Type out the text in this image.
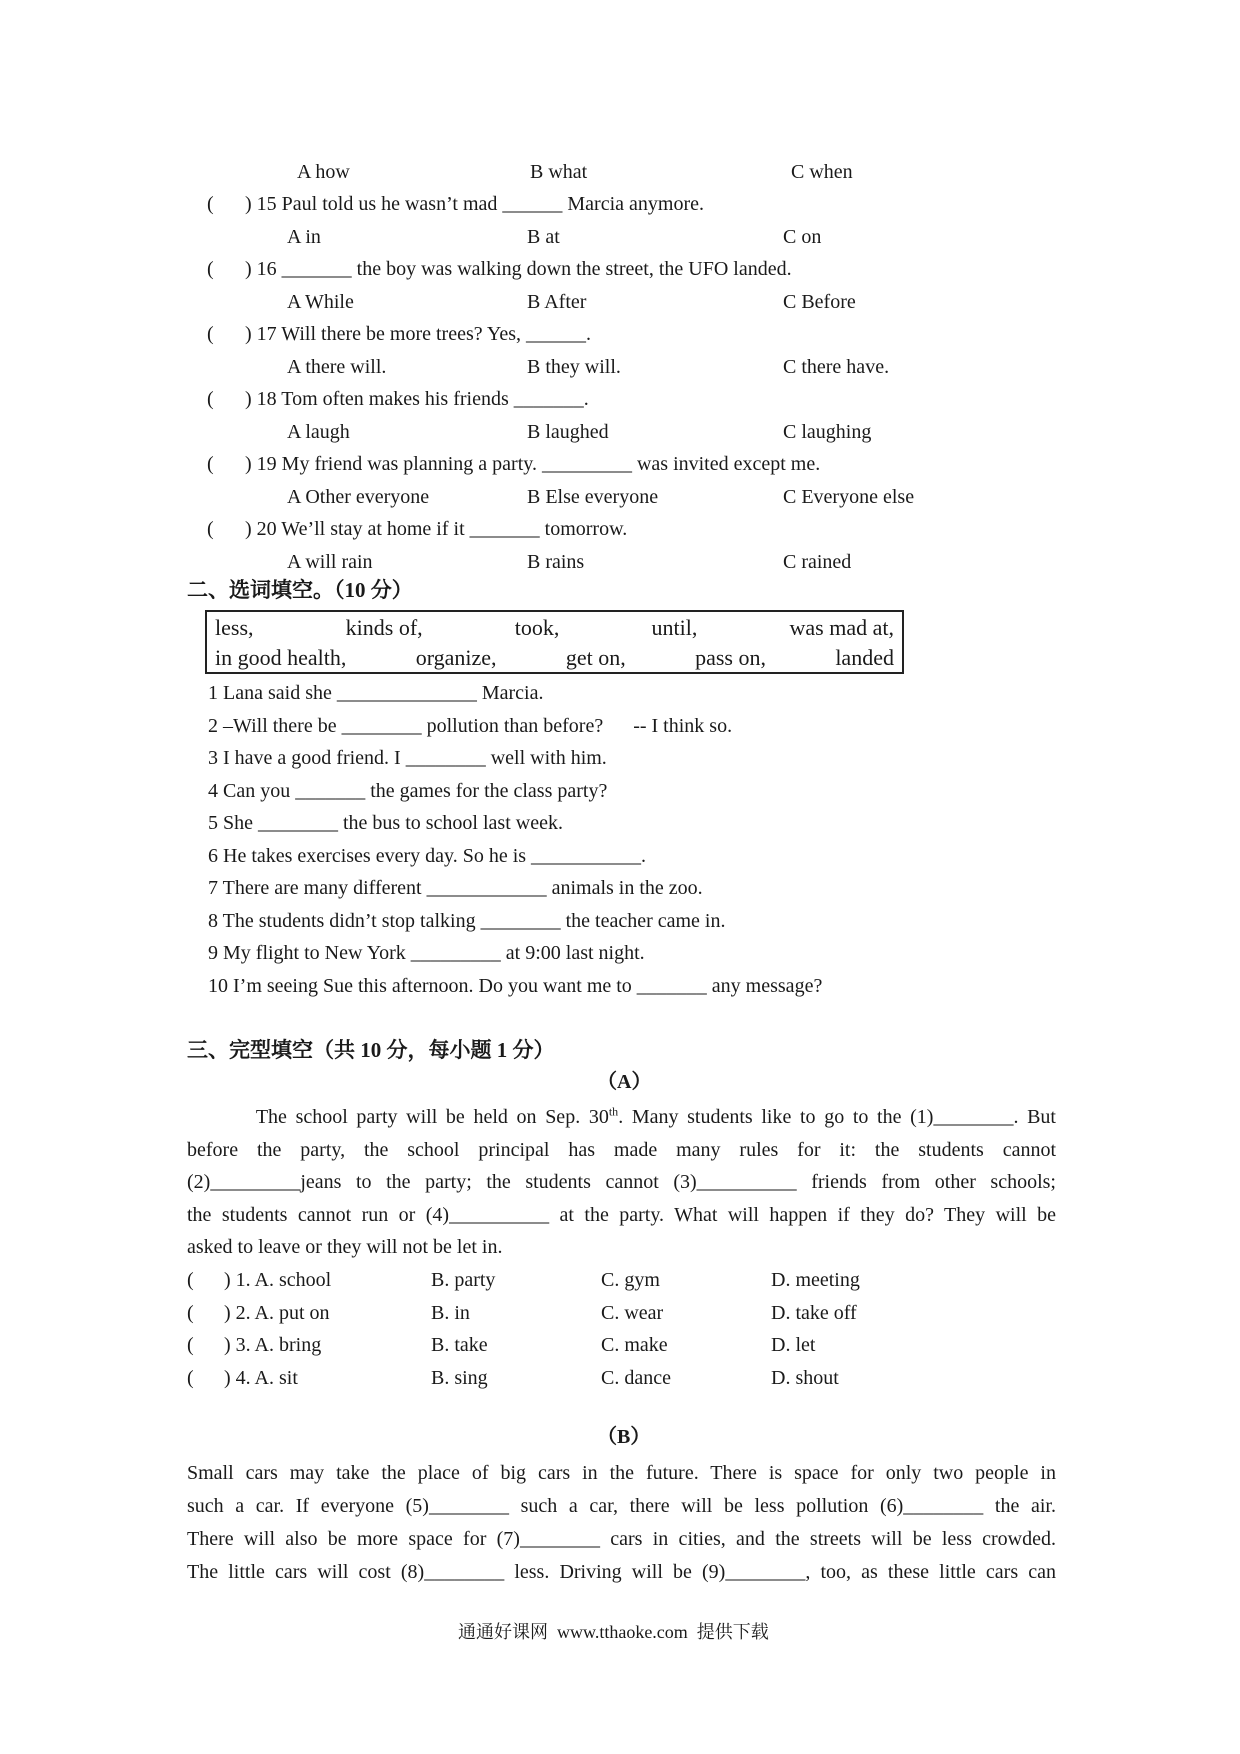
A how	B what	C when
( ) 15 Paul told us he wasn’t mad ______ Marcia anymore.
A in	B at	C on
( ) 16 _______ the boy was walking down the street, the UFO landed.
A While	B After	C Before
( ) 17 Will there be more trees? Yes, ______.
A there will.	B they will.	C there have.
( ) 18 Tom often makes his friends _______.
A laugh	B laughed	C laughing
( ) 19 My friend was planning a party. _________ was invited except me.
A Other everyone	B Else everyone	C Everyone else
( ) 20 We’ll stay at home if it _______ tomorrow.
A will rain	B rains	C rained
二、选词填空。（10 分）
less,	kinds of,	took,	until,	was mad at,
in good health,	organize,	get on,	pass on,	landed
1 Lana said she ______________ Marcia.
2 –Will there be ________ pollution than before?      -- I think so.
3 I have a good friend. I ________ well with him.
4 Can you _______ the games for the class party?
5 She ________ the bus to school last week.
6 He takes exercises every day. So he is ___________.
7 There are many different ____________ animals in the zoo.
8 The students didn’t stop talking ________ the teacher came in.
9 My flight to New York _________ at 9:00 last night.
10 I’m seeing Sue this afternoon. Do you want me to _______ any message?
三、完型填空（共 10 分，每小题 1 分）
（A）
The school party will be held on Sep. 30th. Many students like to go to the (1)________. But
before the party, the school principal has made many rules for it: the students cannot
(2)_________jeans to the party; the students cannot (3)__________ friends from other schools;
the students cannot run or (4)__________ at the party. What will happen if they do? They will be
asked to leave or they will not be let in.
( ) 1. A. school	B. party	C. gym	D. meeting
( ) 2. A. put on	B. in	C. wear	D. take off
( ) 3. A. bring	B. take	C. make	D. let
( ) 4. A. sit	B. sing	C. dance	D. shout
（B）
Small cars may take the place of big cars in the future. There is space for only two people in
such a car. If everyone (5)________ such a car, there will be less pollution (6)________ the air.
There will also be more space for (7)________ cars in cities, and the streets will be less crowded.
The little cars will cost (8)________ less. Driving will be (9)________, too, as these little cars can
通通好课网  www.tthaoke.com  提供下载
